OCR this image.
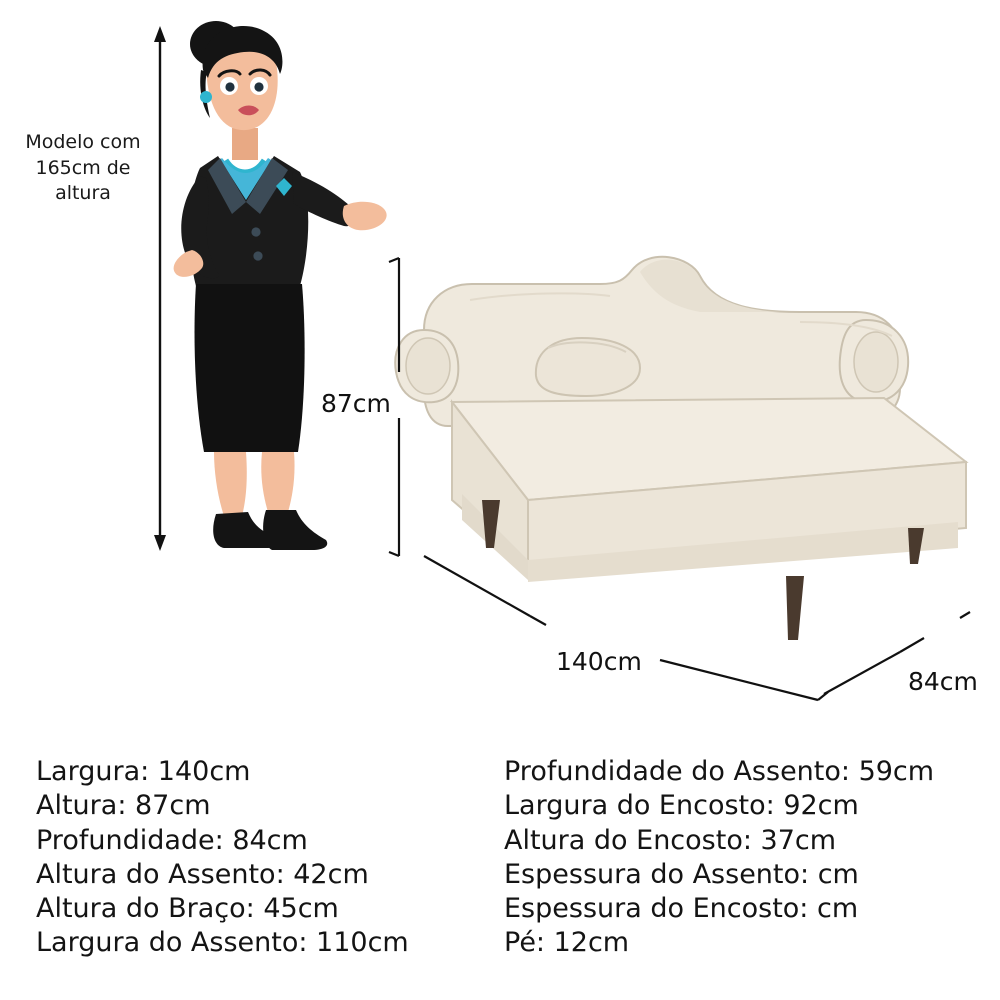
Modelo com 165cm de altura
87cm
140cm
84cm
Largura: 140cm
Altura: 87cm
Profundidade: 84cm
Altura do Assento: 42cm
Altura do Braço: 45cm
Largura do Assento: 110cm
Profundidade do Assento: 59cm
Largura do Encosto: 92cm
Altura do Encosto: 37cm
Espessura do Assento: cm
Espessura do Encosto: cm
Pé: 12cm
